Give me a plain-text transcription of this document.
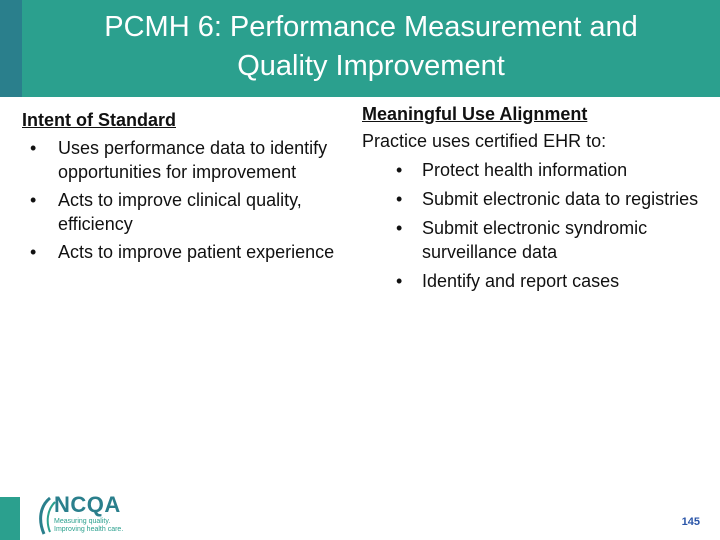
PCMH 6: Performance Measurement and
Quality Improvement
Intent of Standard
• Uses performance data to identify opportunities for improvement
• Acts to improve clinical quality, efficiency
• Acts to improve patient experience
Meaningful Use Alignment
Practice uses certified EHR to:
• Protect health information
• Submit electronic data to registries
• Submit electronic syndromic surveillance data
• Identify and report cases
NCQA
Measuring quality. Improving health care.
145
